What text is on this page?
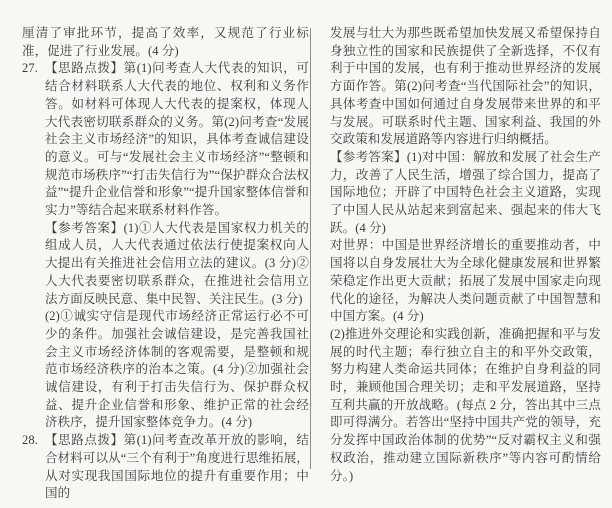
厘清了审批环节，提高了效率，又规范了行业标准，促进了行业发展。(4 分)

27. 【思路点拨】第(1)问考查人大代表的知识，可结合材料联系人大代表的地位、权利和义务作答。如材料可体现人大代表的提案权，体现人大代表密切联系群众的义务。第(2)问考查“发展社会主义市场经济”的知识，具体考查诚信建设的意义。可与“发展社会主义市场经济”“整顿和规范市场秩序”“打击失信行为”“保护群众合法权益”“提升企业信誉和形象”“提升国家整体信誉和实力”等结合起来联系材料作答。

【参考答案】(1)①人大代表是国家权力机关的组成人员，人大代表通过依法行使提案权向人大提出有关推进社会信用立法的建议。(3 分)②人大代表要密切联系群众，在推进社会信用立法方面反映民意、集中民智、关注民生。(3 分)

(2)①诚实守信是现代市场经济正常运行必不可少的条件。加强社会诚信建设，是完善我国社会主义市场经济体制的客观需要，是整顿和规范市场经济秩序的治本之策。(4 分)②加强社会诚信建设，有利于打击失信行为、保护群众权益、提升企业信誉和形象、维护正常的社会经济秩序，提升国家整体竞争力。(4 分)

28. 【思路点拨】第(1)问考查改革开放的影响，结合材料可以从“三个有利于”角度进行思维拓展，从对实现我国国际地位的提升有重要作用；中国的

发展与壮大为那些既希望加快发展又希望保持自身独立性的国家和民族提供了全新选择，不仅有利于中国的发展，也有利于推动世界经济的发展方面作答。第(2)问考查“当代国际社会”的知识，具体考查中国如何通过自身发展带来世界的和平与发展。可联系时代主题、国家利益、我国的外交政策和发展道路等内容进行归纳概括。

【参考答案】(1)对中国：解放和发展了社会生产力，改善了人民生活，增强了综合国力，提高了国际地位；开辟了中国特色社会主义道路，实现了中国人民从站起来到富起来、强起来的伟大飞跃。(4 分)

对世界：中国是世界经济增长的重要推动者，中国将以自身发展壮大为全球化健康发展和世界繁荣稳定作出更大贡献；拓展了发展中国家走向现代化的途径，为解决人类问题贡献了中国智慧和中国方案。(4 分)

(2)推进外交理论和实践创新，准确把握和平与发展的时代主题；奉行独立自主的和平外交政策，努力构建人类命运共同体；在维护自身利益的同时，兼顾他国合理关切；走和平发展道路，坚持互利共赢的开放战略。(每点 2 分，答出其中三点即可得满分。若答出“坚持中国共产党的领导，充分发挥中国政治体制的优势”“反对霸权主义和强权政治，推动建立国际新秩序”等内容可酌情给分。)
